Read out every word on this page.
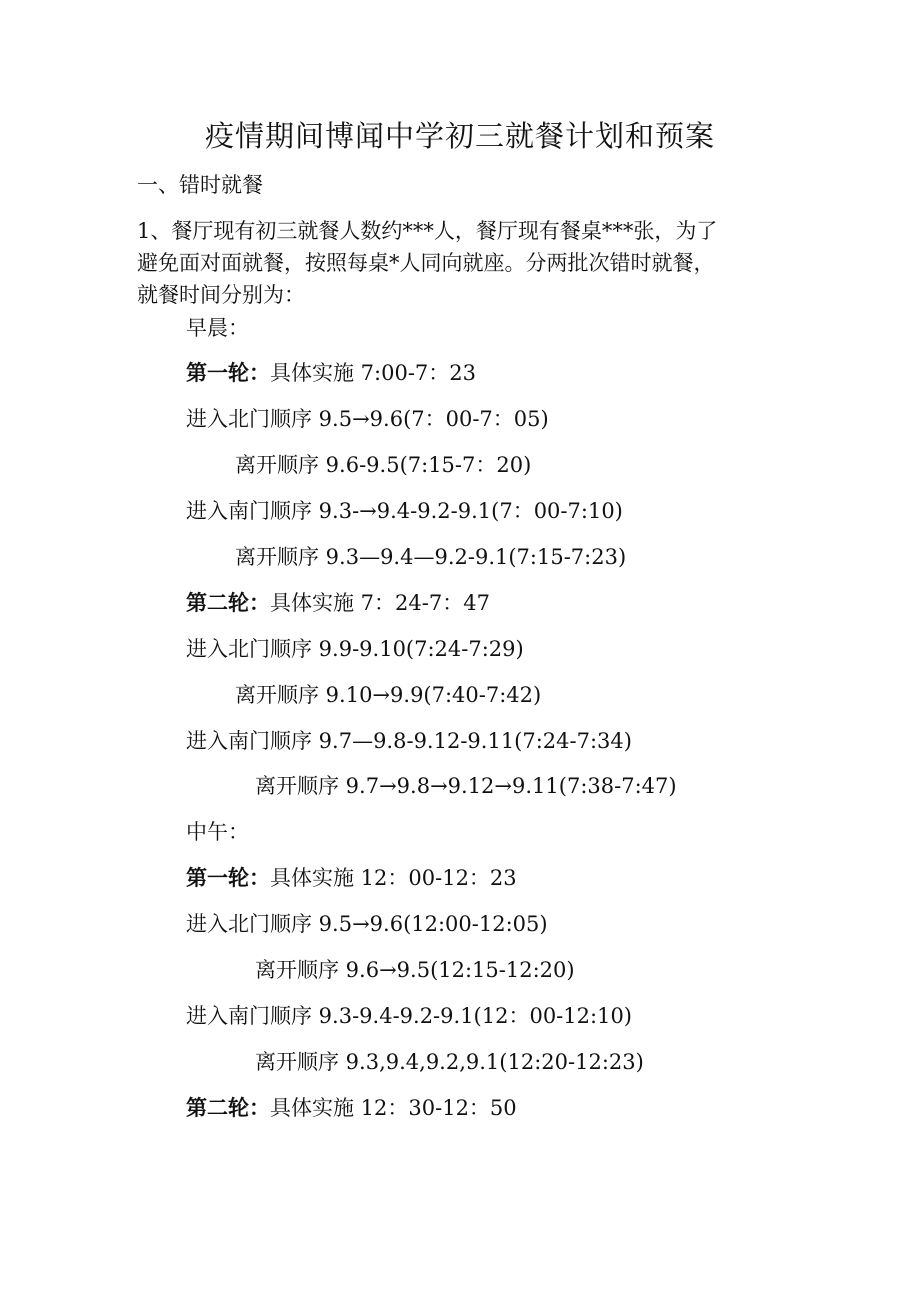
疫情期间博闻中学初三就餐计划和预案

一、错时就餐

1、餐厅现有初三就餐人数约***人，餐厅现有餐桌***张，为了

避免面对面就餐，按照每桌*人同向就座。分两批次错时就餐，

就餐时间分别为：

早晨：

第一轮：具体实施 7:00-7：23

进入北门顺序 9.5→9.6(7：00-7：05)

离开顺序 9.6-9.5(7:15-7：20)

进入南门顺序 9.3-→9.4-9.2-9.1(7：00-7:10)

离开顺序 9.3—9.4—9.2-9.1(7:15-7:23)

第二轮：具体实施 7：24-7：47

进入北门顺序 9.9-9.10(7:24-7:29)

离开顺序 9.10→9.9(7:40-7:42)

进入南门顺序 9.7—9.8-9.12-9.11(7:24-7:34)

离开顺序 9.7→9.8→9.12→9.11(7:38-7:47)

中午：

第一轮：具体实施 12：00-12：23

进入北门顺序 9.5→9.6(12:00-12:05)

离开顺序 9.6→9.5(12:15-12:20)

进入南门顺序 9.3-9.4-9.2-9.1(12：00-12:10)

离开顺序 9.3,9.4,9.2,9.1(12:20-12:23)

第二轮：具体实施 12：30-12：50
